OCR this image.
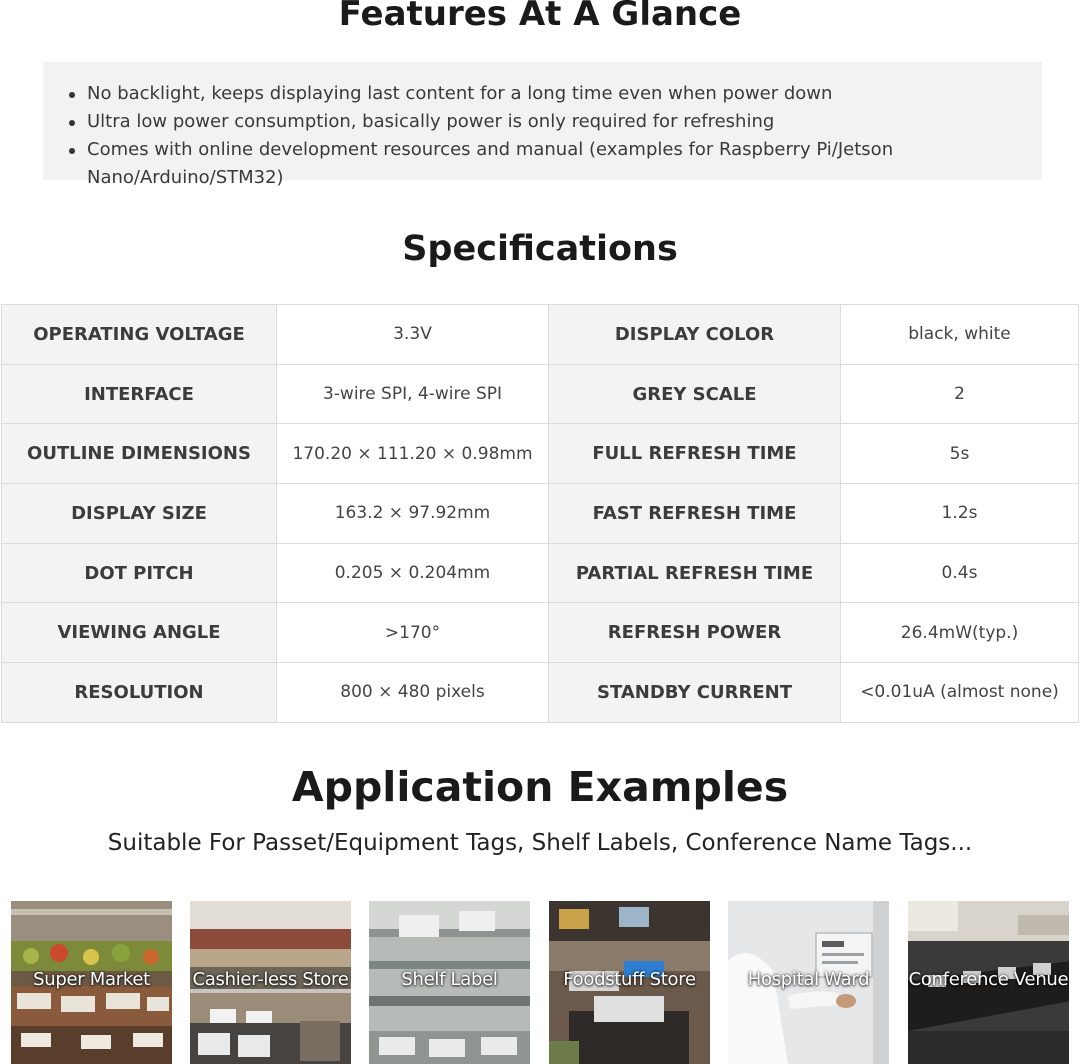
Features At A Glance
No backlight, keeps displaying last content for a long time even when power down
Ultra low power consumption, basically power is only required for refreshing
Comes with online development resources and manual (examples for Raspberry Pi/Jetson Nano/Arduino/STM32)
Specifications
OPERATING VOLTAGE	3.3V	DISPLAY COLOR	black, white
INTERFACE	3-wire SPI, 4-wire SPI	GREY SCALE	2
OUTLINE DIMENSIONS	170.20 × 111.20 × 0.98mm	FULL REFRESH TIME	5s
DISPLAY SIZE	163.2 × 97.92mm	FAST REFRESH TIME	1.2s
DOT PITCH	0.205 × 0.204mm	PARTIAL REFRESH TIME	0.4s
VIEWING ANGLE	>170°	REFRESH POWER	26.4mW(typ.)
RESOLUTION	800 × 480 pixels	STANDBY CURRENT	<0.01uA (almost none)
Application Examples
Suitable For Passet/Equipment Tags, Shelf Labels, Conference Name Tags...
Super Market	Cashier-less Store	Shelf Label	Foodstuff Store	Hospital Ward	Conference Venue
